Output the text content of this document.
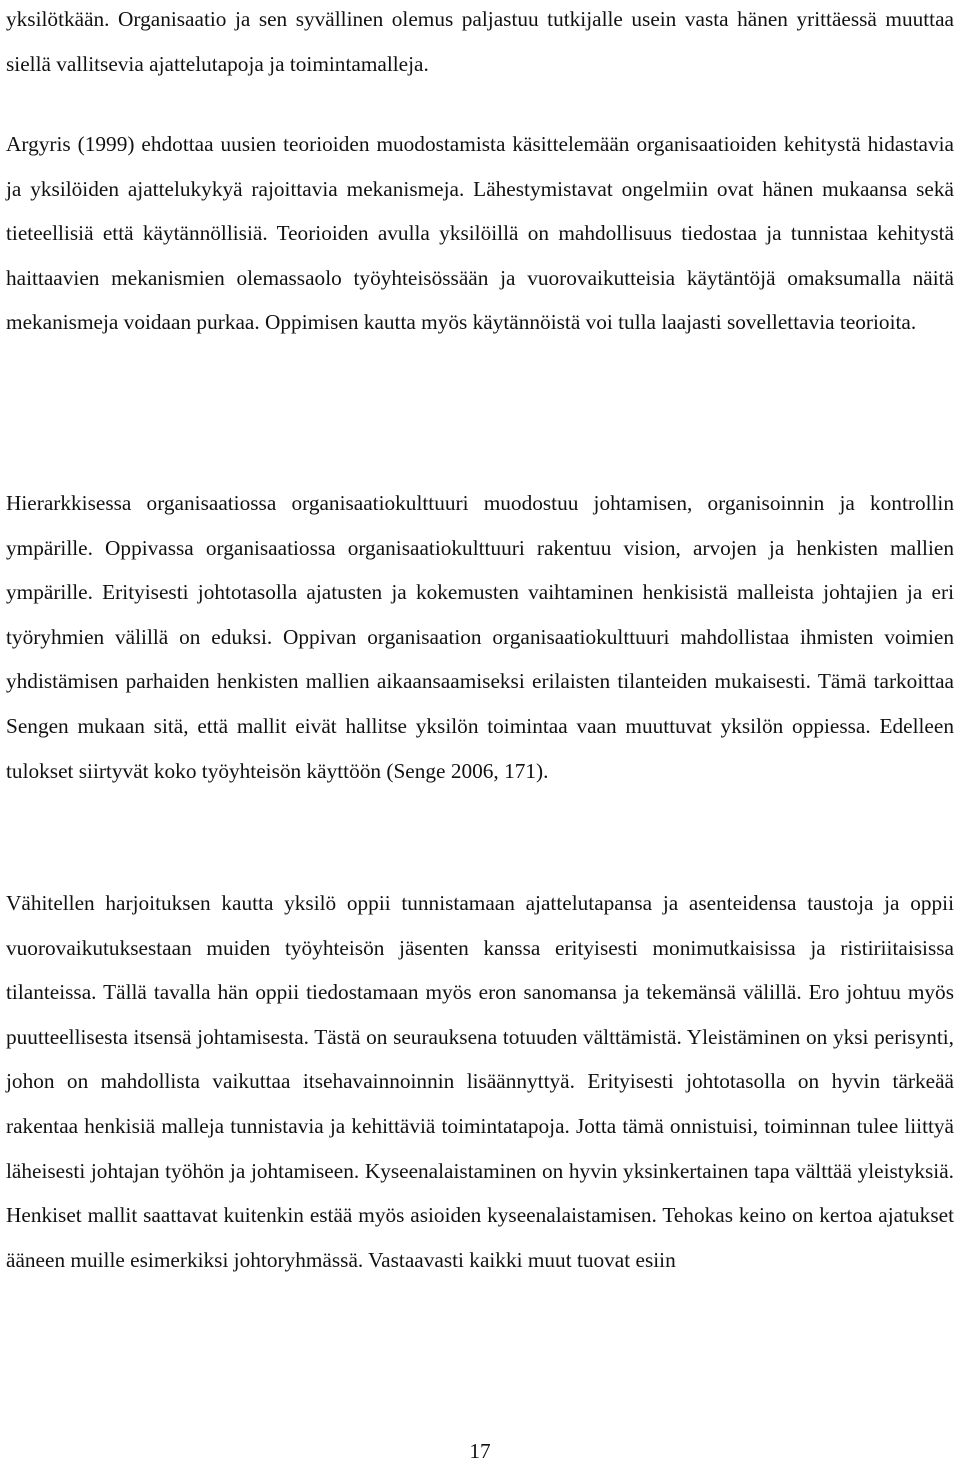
yksilötkään. Organisaatio ja sen syvällinen olemus paljastuu tutkijalle usein vasta hänen yrittäessä muuttaa siellä vallitsevia ajattelutapoja ja toimintamalleja.

Argyris (1999) ehdottaa uusien teorioiden muodostamista käsittelemään organisaatioiden kehitystä hidastavia ja yksilöiden ajattelukykyä rajoittavia mekanismeja. Lähestymistavat ongelmiin ovat hänen mukaansa sekä tieteellisiä että käytännöllisiä. Teorioiden avulla yksilöillä on mahdollisuus tiedostaa ja tunnistaa kehitystä haittaavien mekanismien olemassaolo työyhteisössään ja vuorovaikutteisia käytäntöjä omaksumalla näitä mekanismeja voidaan purkaa. Oppimisen kautta myös käytännöistä voi tulla laajasti sovellettavia teorioita.

Hierarkkisessa organisaatiossa organisaatiokulttuuri muodostuu johtamisen, organisoinnin ja kontrollin ympärille. Oppivassa organisaatiossa organisaatiokulttuuri rakentuu vision, arvojen ja henkisten mallien ympärille. Erityisesti johtotasolla ajatusten ja kokemusten vaihtaminen henkisistä malleista johtajien ja eri työryhmien välillä on eduksi. Oppivan organisaation organisaatiokulttuuri mahdollistaa ihmisten voimien yhdistämisen parhaiden henkisten mallien aikaansaamiseksi erilaisten tilanteiden mukaisesti. Tämä tarkoittaa Sengen mukaan sitä, että mallit eivät hallitse yksilön toimintaa vaan muuttuvat yksilön oppiessa. Edelleen tulokset siirtyvät koko työyhteisön käyttöön (Senge 2006, 171).

Vähitellen harjoituksen kautta yksilö oppii tunnistamaan ajattelutapansa ja asenteidensa taustoja ja oppii vuorovaikutuksestaan muiden työyhteisön jäsenten kanssa erityisesti monimutkaisissa ja ristiriitaisissa tilanteissa. Tällä tavalla hän oppii tiedostamaan myös eron sanomansa ja tekemänsä välillä. Ero johtuu myös puutteellisesta itsensä johtamisesta. Tästä on seurauksena totuuden välttämistä. Yleistäminen on yksi perisynti, johon on mahdollista vaikuttaa itsehavainnoinnin lisäännyttyä. Erityisesti johtotasolla on hyvin tärkeää rakentaa henkisiä malleja tunnistavia ja kehittäviä toimintatapoja. Jotta tämä onnistuisi, toiminnan tulee liittyä läheisesti johtajan työhön ja johtamiseen. Kyseenalaistaminen on hyvin yksinkertainen tapa välttää yleistyksiä. Henkiset mallit saattavat kuitenkin estää myös asioiden kyseenalaistamisen. Tehokas keino on kertoa ajatukset ääneen muille esimerkiksi johtoryhmässä. Vastaavasti kaikki muut tuovat esiin

17
